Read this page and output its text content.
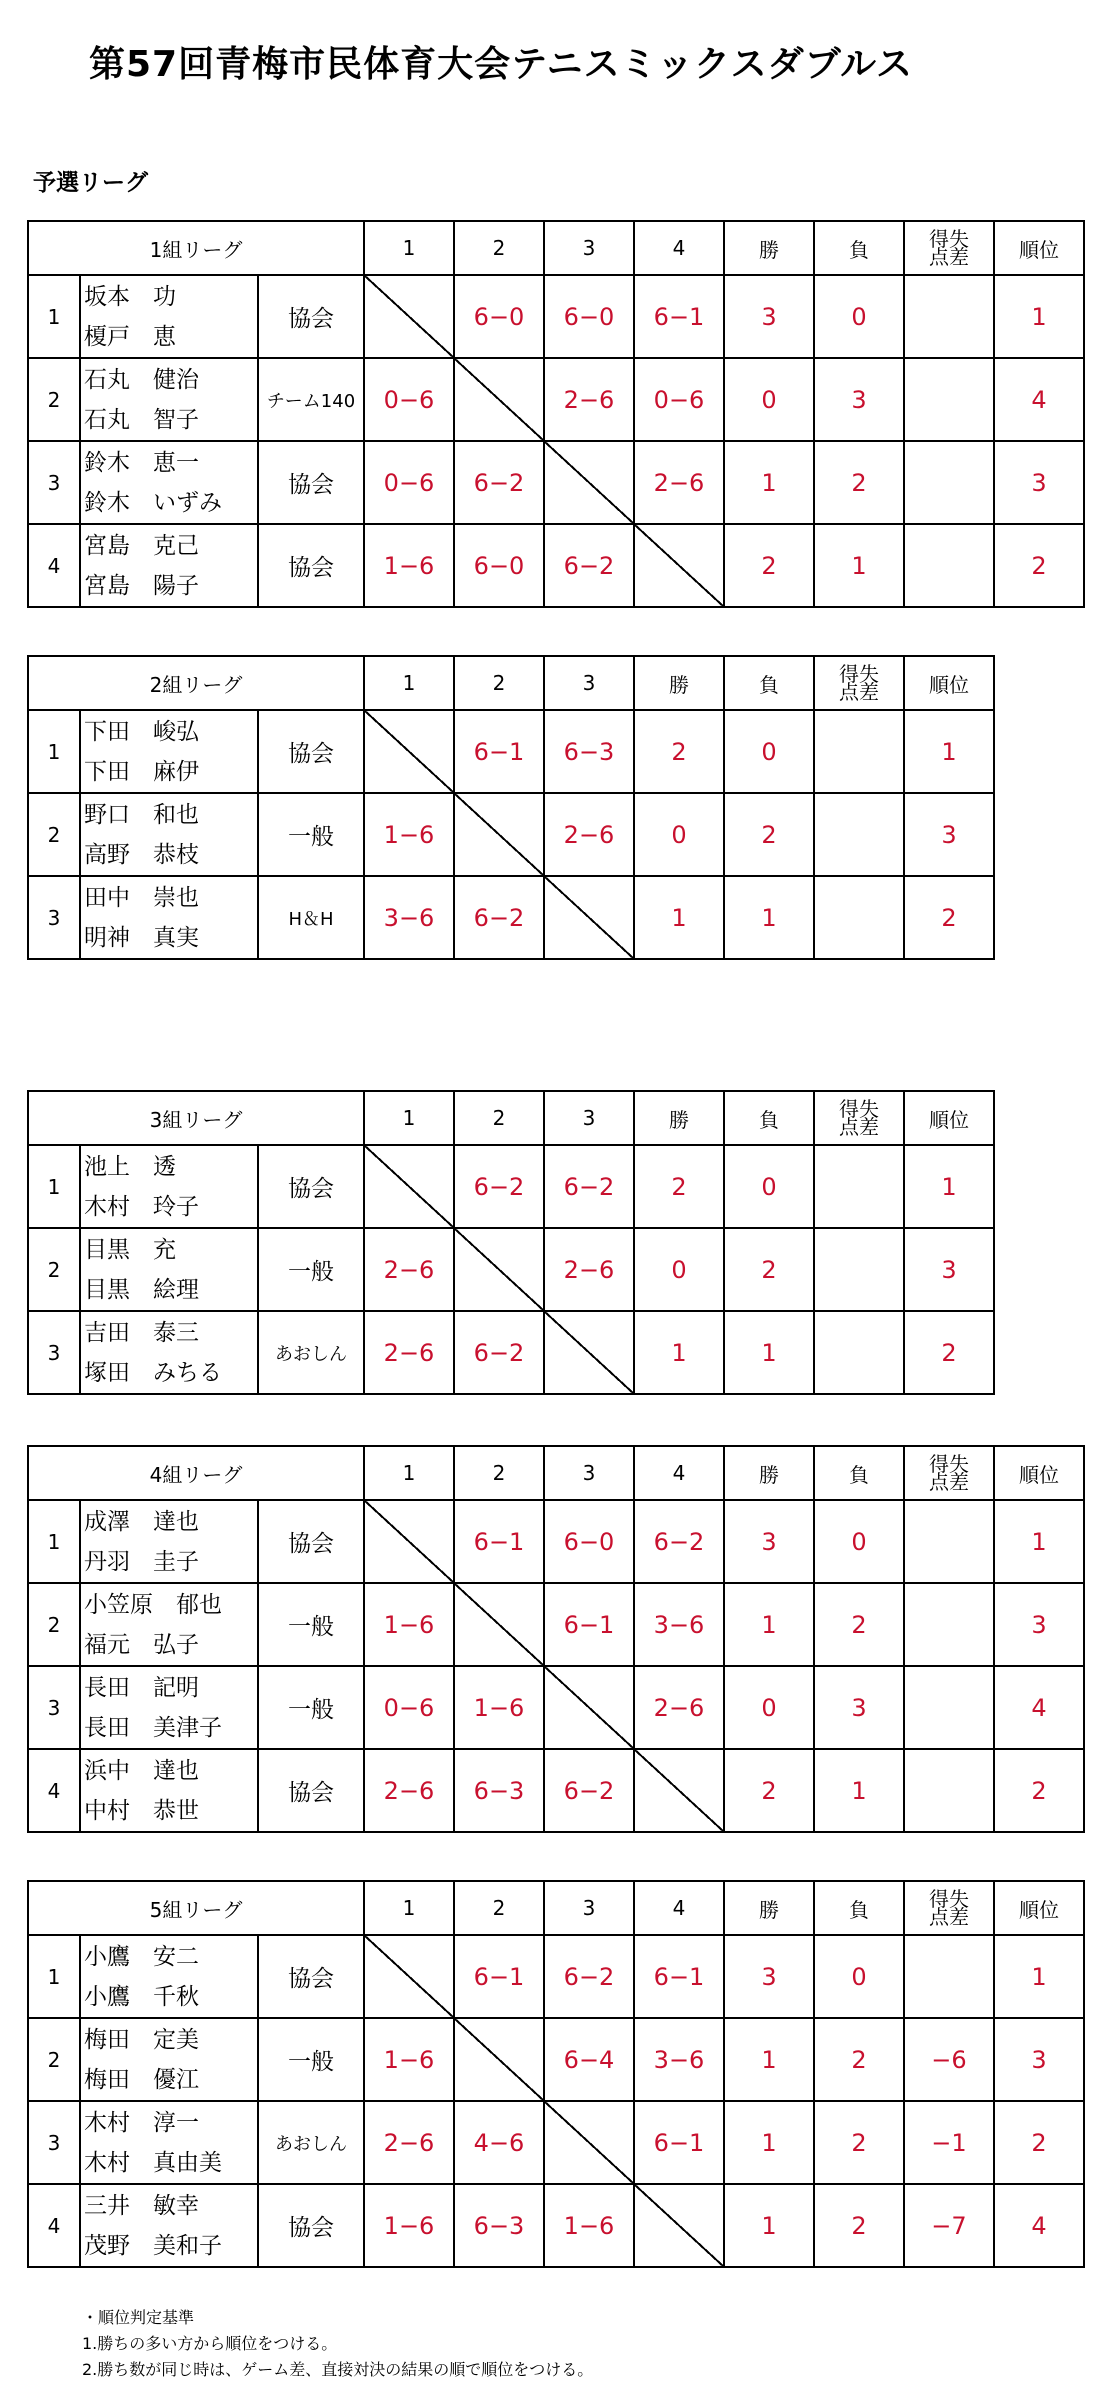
第57回青梅市民体育大会テニスミックスダブルス
予選リーグ
1組リーグ			1	2	3	4	勝	負	得失
点差	順位
1	坂本　功
榎戸　恵	協会		6−0	6−0	6−1	3	0		1
2	石丸　健治
石丸　智子	チーム140	0−6		2−6	0−6	0	3		4
3	鈴木　恵一
鈴木　いずみ	協会	0−6	6−2		2−6	1	2		3
4	宮島　克己
宮島　陽子	協会	1−6	6−0	6−2		2	1		2
2組リーグ			1	2	3	勝	負	得失
点差	順位
1	下田　峻弘
下田　麻伊	協会		6−1	6−3	2	0		1
2	野口　和也
高野　恭枝	一般	1−6		2−6	0	2		3
3	田中　崇也
明神　真実	H＆H	3−6	6−2		1	1		2
3組リーグ			1	2	3	勝	負	得失
点差	順位
1	池上　透
木村　玲子	協会		6−2	6−2	2	0		1
2	目黒　充
目黒　絵理	一般	2−6		2−6	0	2		3
3	吉田　泰三
塚田　みちる	あおしん	2−6	6−2		1	1		2
4組リーグ			1	2	3	4	勝	負	得失
点差	順位
1	成澤　達也
丹羽　圭子	協会		6−1	6−0	6−2	3	0		1
2	小笠原　郁也
福元　弘子	一般	1−6		6−1	3−6	1	2		3
3	長田　記明
長田　美津子	一般	0−6	1−6		2−6	0	3		4
4	浜中　達也
中村　恭世	協会	2−6	6−3	6−2		2	1		2
5組リーグ			1	2	3	4	勝	負	得失
点差	順位
1	小鷹　安二
小鷹　千秋	協会		6−1	6−2	6−1	3	0		1
2	梅田　定美
梅田　優江	一般	1−6		6−4	3−6	1	2	−6	3
3	木村　淳一
木村　真由美	あおしん	2−6	4−6		6−1	1	2	−1	2
4	三井　敏幸
茂野　美和子	協会	1−6	6−3	1−6		1	2	−7	4
・順位判定基準
1.勝ちの多い方から順位をつける。
2.勝ち数が同じ時は、ゲーム差、直接対決の結果の順で順位をつける。
